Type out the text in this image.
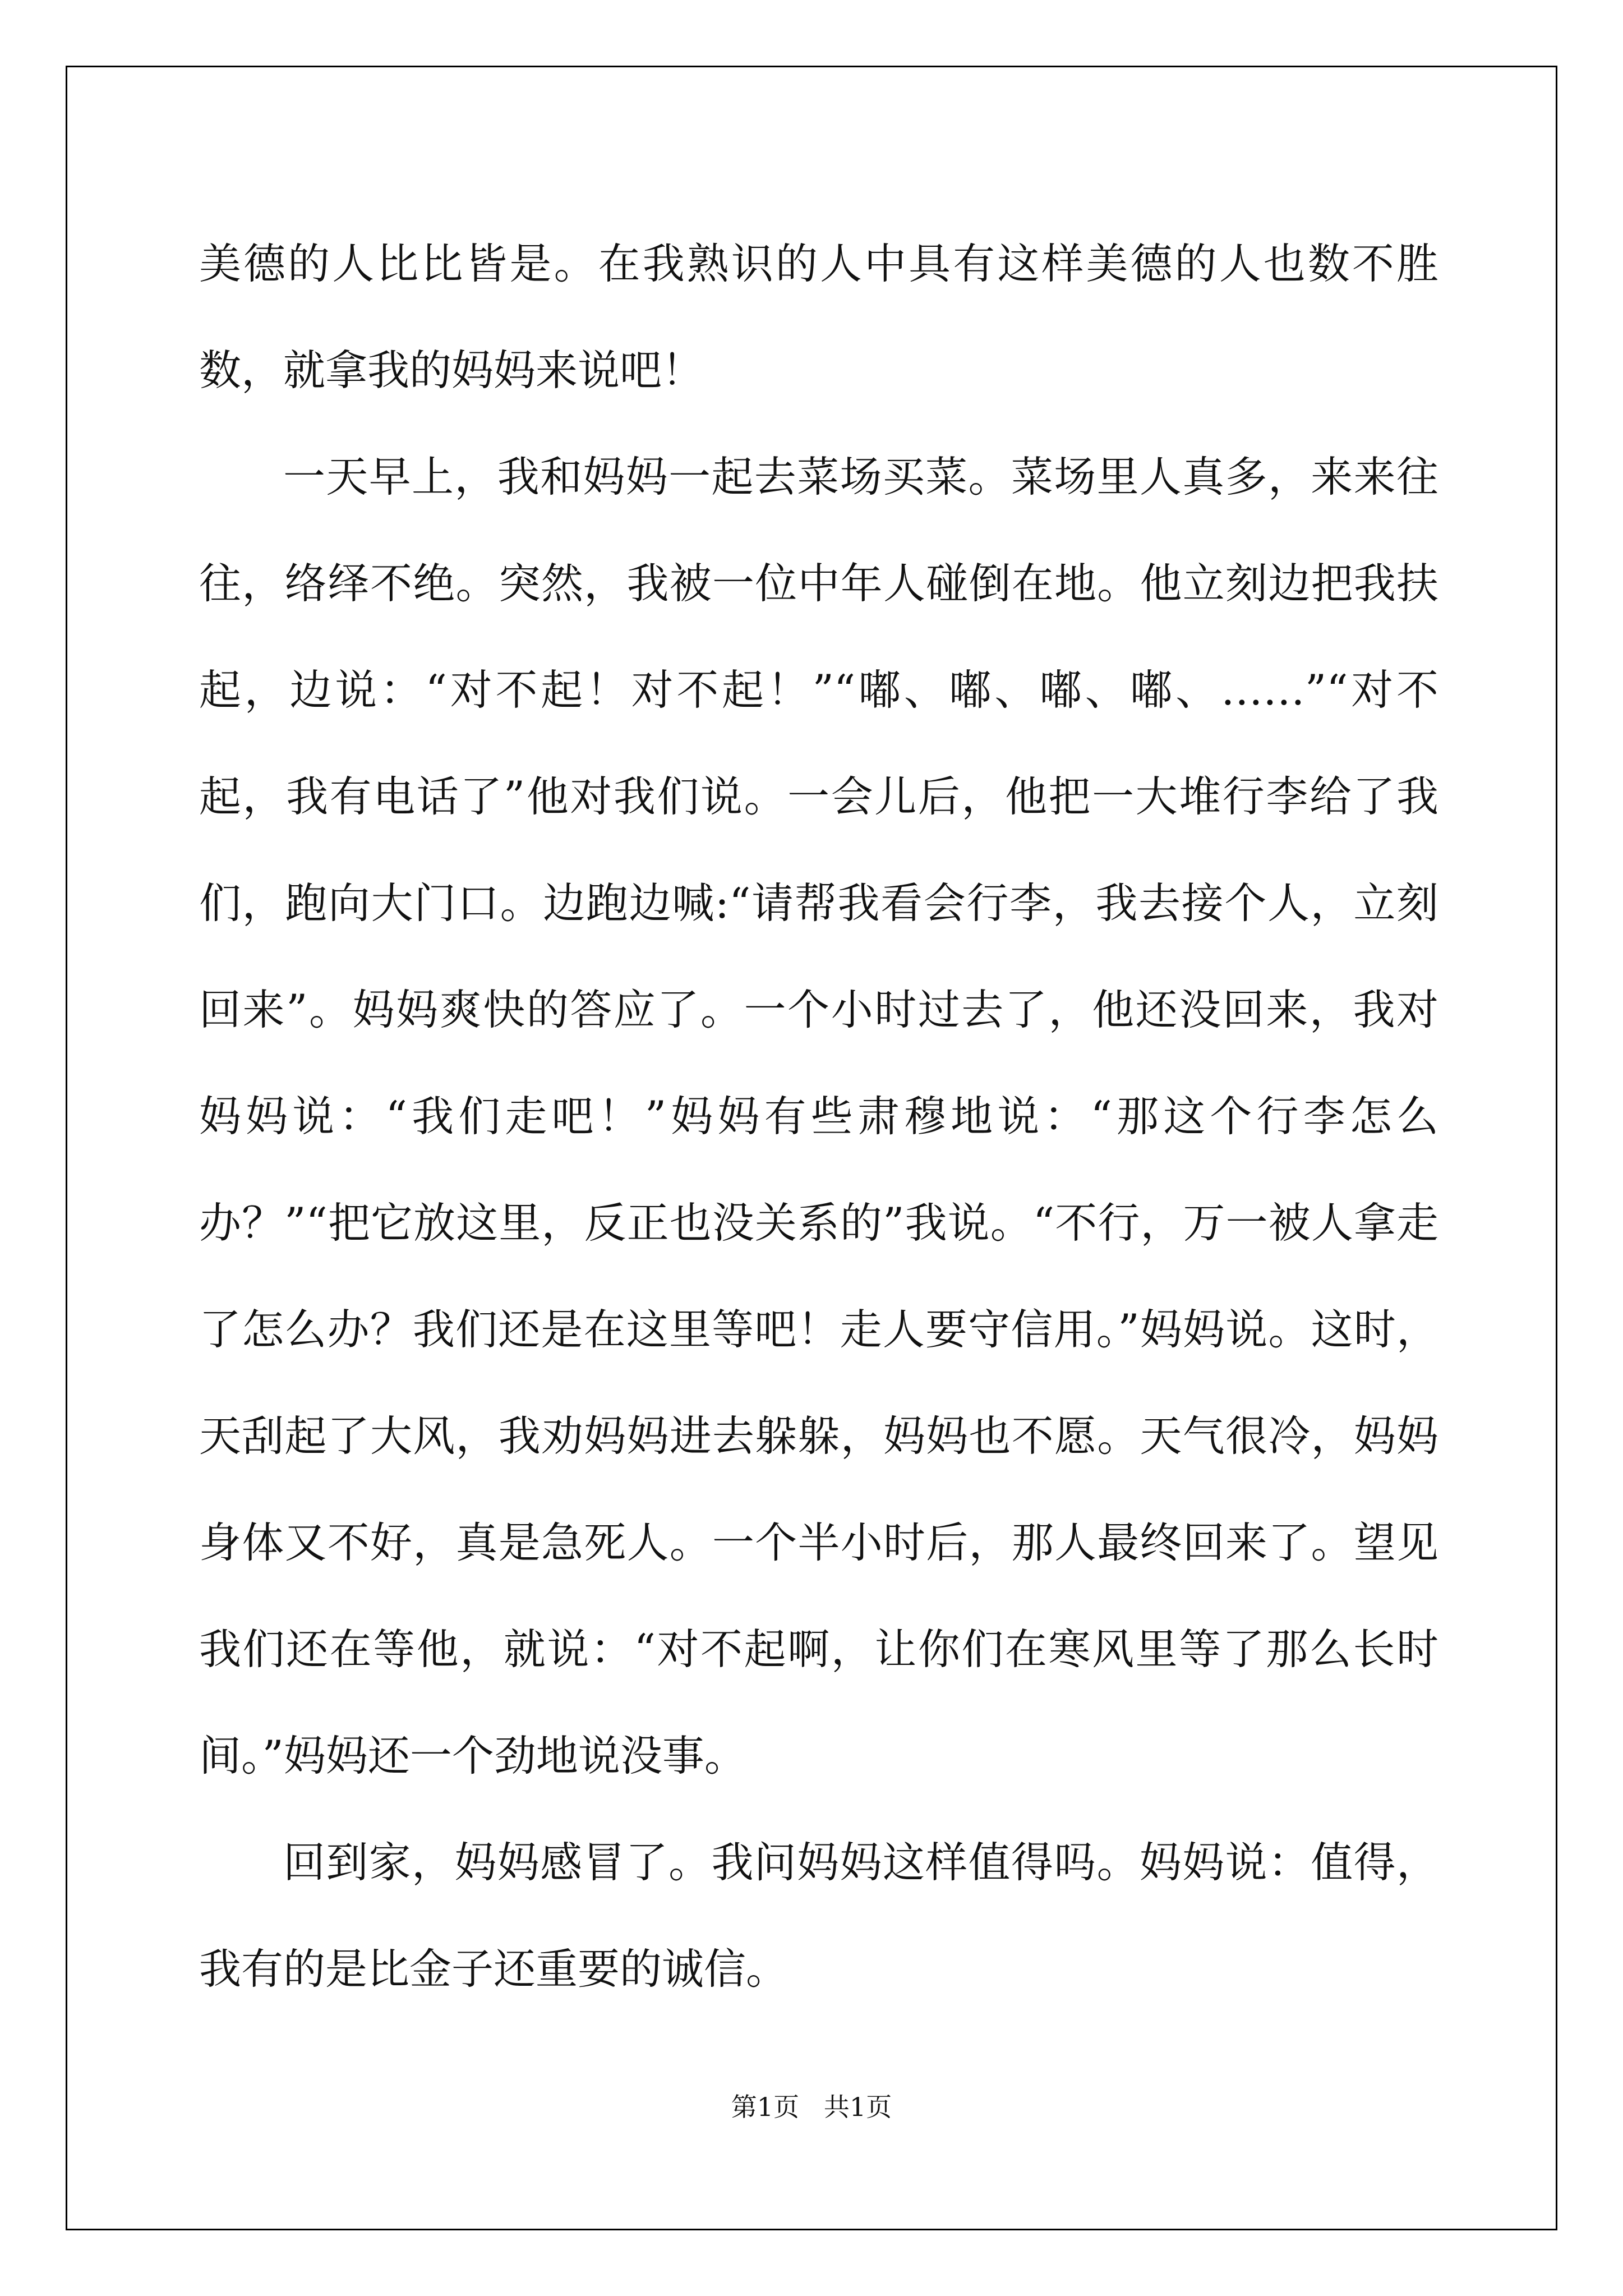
美德的人比比皆是。在我熟识的人中具有这样美德的人也数不胜数，就拿我的妈妈来说吧！

一天早上，我和妈妈一起去菜场买菜。菜场里人真多，来来往往，络绎不绝。突然，我被一位中年人碰倒在地。他立刻边把我扶起，边说：“对不起！对不起！”“嘟、嘟、嘟、嘟、……”“对不起，我有电话了”他对我们说。一会儿后，他把一大堆行李给了我们，跑向大门口。边跑边喊:“请帮我看会行李，我去接个人，立刻回来”。妈妈爽快的答应了。一个小时过去了，他还没回来，我对妈妈说：“我们走吧！”妈妈有些肃穆地说：“那这个行李怎么办？”“把它放这里，反正也没关系的”我说。“不行，万一被人拿走了怎么办？我们还是在这里等吧！走人要守信用。”妈妈说。这时，天刮起了大风，我劝妈妈进去躲躲，妈妈也不愿。天气很冷，妈妈身体又不好，真是急死人。一个半小时后，那人最终回来了。望见我们还在等他，就说：“对不起啊，让你们在寒风里等了那么长时间。”妈妈还一个劲地说没事。

回到家，妈妈感冒了。我问妈妈这样值得吗。妈妈说：值得，我有的是比金子还重要的诚信。

第1页   共1页
